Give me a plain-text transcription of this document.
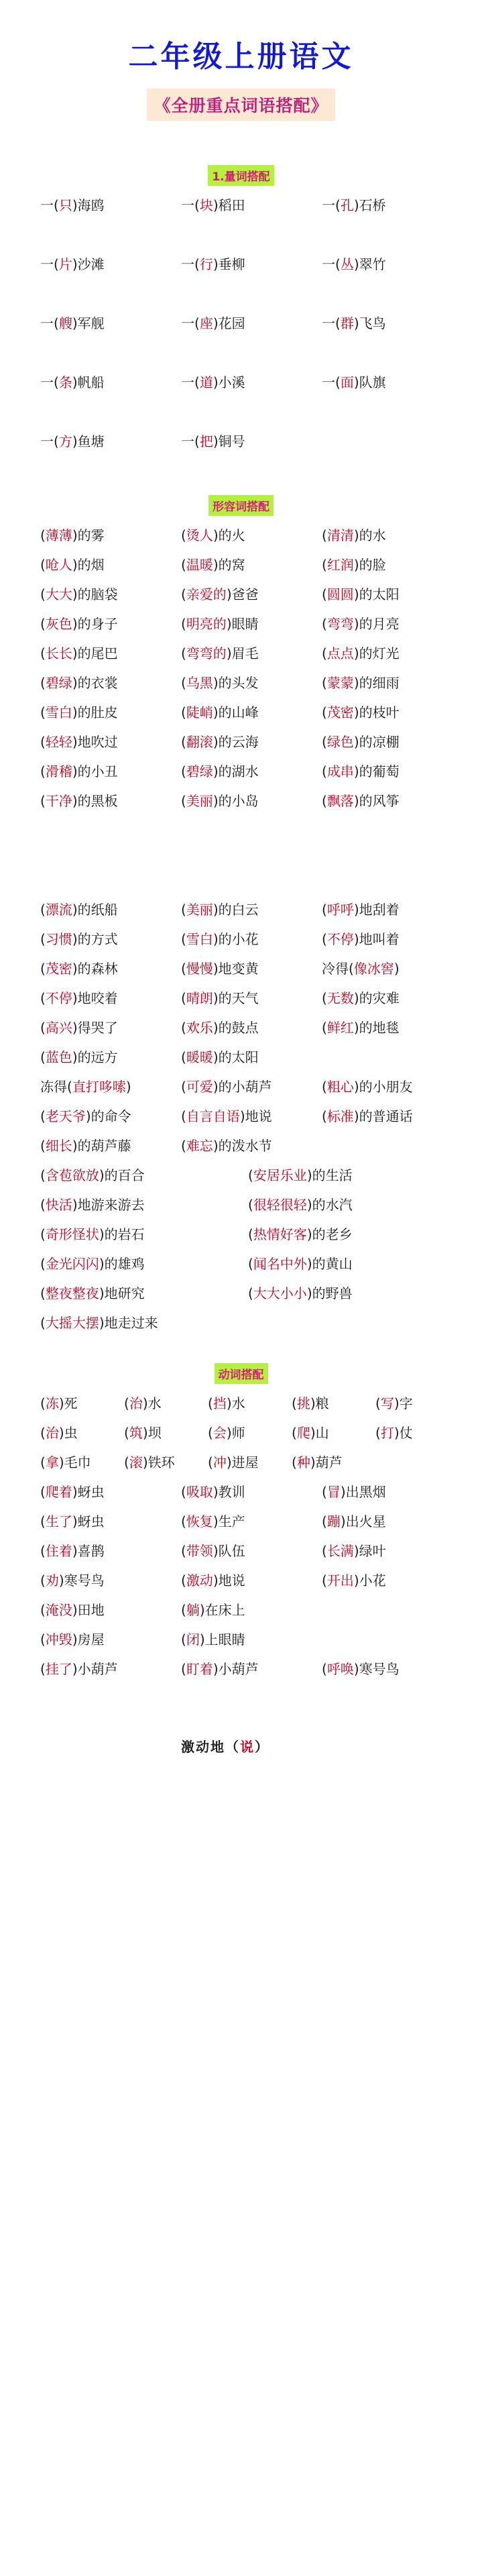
二年级上册语文
《全册重点词语搭配》
1.量词搭配
一(只)海鸥	一(块)稻田	一(孔)石桥
一(片)沙滩	一(行)垂柳	一(丛)翠竹
一(艘)军舰	一(座)花园	一(群)飞鸟
一(条)帆船	一(道)小溪	一(面)队旗
一(方)鱼塘	一(把)铜号
形容词搭配
(薄薄)的雾	(烫人)的火	(清清)的水
(呛人)的烟	(温暖)的窝	(红润)的脸
(大大)的脑袋	(亲爱的)爸爸	(圆圆)的太阳
(灰色)的身子	(明亮的)眼睛	(弯弯)的月亮
(长长)的尾巴	(弯弯的)眉毛	(点点)的灯光
(碧绿)的衣裳	(乌黑)的头发	(蒙蒙)的细雨
(雪白)的肚皮	(陡峭)的山峰	(茂密)的枝叶
(轻轻)地吹过	(翻滚)的云海	(绿色)的凉棚
(滑稽)的小丑	(碧绿)的湖水	(成串)的葡萄
(干净)的黑板	(美丽)的小岛	(飘落)的风筝
(漂流)的纸船	(美丽)的白云	(呼呼)地刮着
(习惯)的方式	(雪白)的小花	(不停)地叫着
(茂密)的森林	(慢慢)地变黄	冷得(像冰窖)
(不停)地咬着	(晴朗)的天气	(无数)的灾难
(高兴)得哭了	(欢乐)的鼓点	(鲜红)的地毯
(蓝色)的远方	(暖暖)的太阳
冻得(直打哆嗦)	(可爱)的小葫芦	(粗心)的小朋友
(老天爷)的命令	(自言自语)地说	(标准)的普通话
(细长)的葫芦藤	(难忘)的泼水节
(含苞欲放)的百合	(安居乐业)的生活
(快活)地游来游去	(很轻很轻)的水汽
(奇形怪状)的岩石	(热情好客)的老乡
(金光闪闪)的雄鸡	(闻名中外)的黄山
(整夜整夜)地研究	(大大小小)的野兽
(大摇大摆)地走过来
动词搭配
(冻)死	(治)水	(挡)水	(挑)粮	(写)字
(治)虫	(筑)坝	(会)师	(爬)山	(打)仗
(拿)毛巾 (滚)铁环 (冲)进屋 (种)葫芦
(爬着)蚜虫	(吸取)教训	(冒)出黑烟
(生了)蚜虫	(恢复)生产	(蹦)出火星
(住着)喜鹊	(带领)队伍	(长满)绿叶
(劝)寒号鸟	(激动)地说	(开出)小花
(淹没)田地	(躺)在床上
(冲毁)房屋	(闭)上眼睛
(挂了)小葫芦	(盯着)小葫芦	(呼唤)寒号鸟
激动地（说）
